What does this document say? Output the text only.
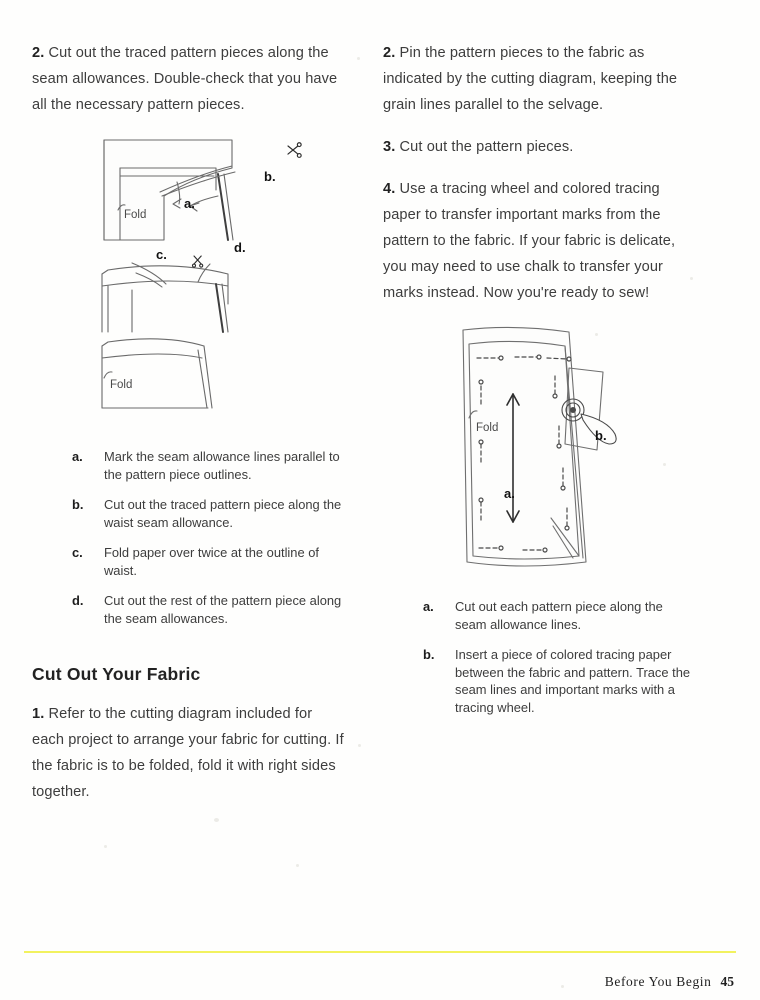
2. Cut out the traced pattern pieces along the seam allowances. Double-check that you have all the necessary pattern pieces.

a.
b.
c.	d.
Fold
Fold
a.	Mark the seam allowance lines parallel to the pattern piece outlines.
b.	Cut out the traced pattern piece along the waist seam allowance.
c.	Fold paper over twice at the outline of waist.
d.	Cut out the rest of the pattern piece along the seam allowances.
Cut Out Your Fabric

1. Refer to the cutting diagram included for each project to arrange your fabric for cutting. If the fabric is to be folded, fold it with right sides together.

2. Pin the pattern pieces to the fabric as indicated by the cutting diagram, keeping the grain lines parallel to the selvage.

3. Cut out the pattern pieces.

4. Use a tracing wheel and colored tracing paper to transfer important marks from the pattern to the fabric. If your fabric is delicate, you may need to use chalk to transfer your marks instead. Now you're ready to sew!

a.
b.
Fold
a.	Cut out each pattern piece along the seam allowance lines.
b.	Insert a piece of colored tracing paper between the fabric and pattern. Trace the seam lines and important marks with a tracing wheel.
Before You Begin 45
